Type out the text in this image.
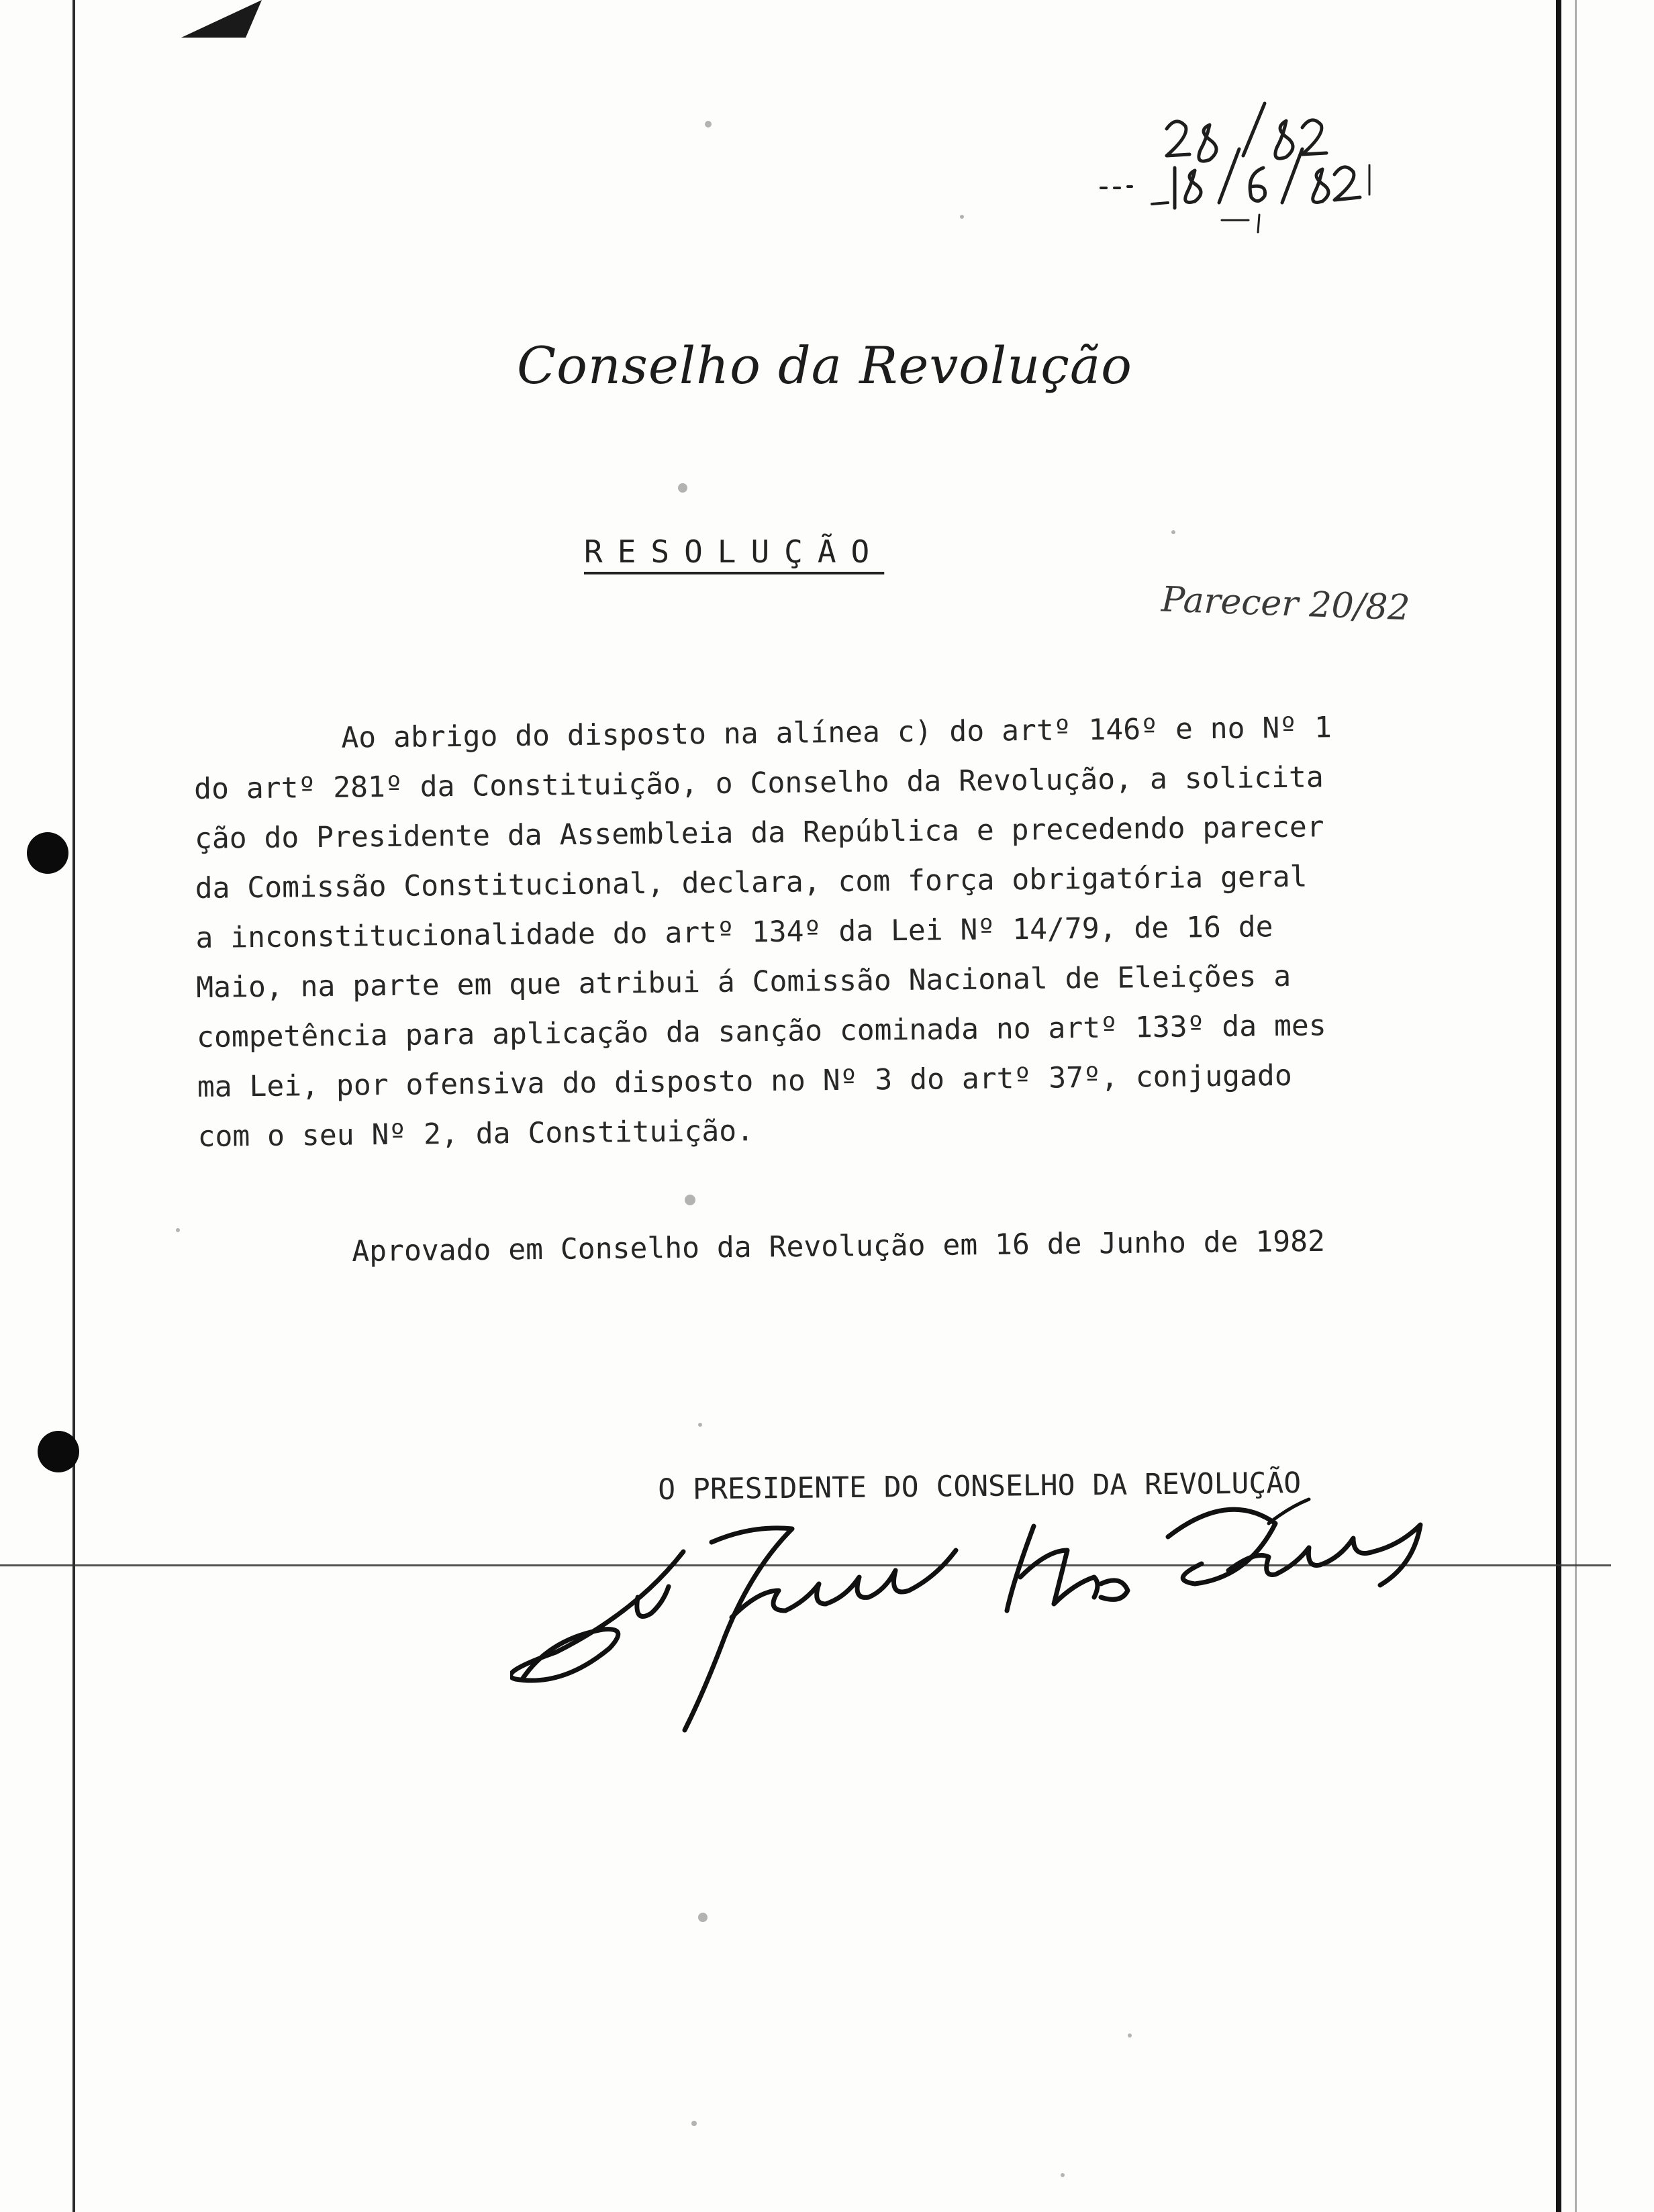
Conselho da Revolução
RESOLUÇÃO
Parecer 20/82
Ao abrigo do disposto na alínea c) do artº 146º e no Nº 1
do artº 281º da Constituição, o Conselho da Revolução, a solicita
ção do Presidente da Assembleia da República e precedendo parecer
da Comissão Constitucional, declara, com força obrigatória geral
a inconstitucionalidade do artº 134º da Lei Nº 14/79, de 16 de
Maio, na parte em que atribui á Comissão Nacional de Eleições a
competência para aplicação da sanção cominada no artº 133º da mes
ma Lei, por ofensiva do disposto no Nº 3 do artº 37º, conjugado
com o seu Nº 2, da Constituição.
Aprovado em Conselho da Revolução em 16 de Junho de 1982
O PRESIDENTE DO CONSELHO DA REVOLUÇÃO
